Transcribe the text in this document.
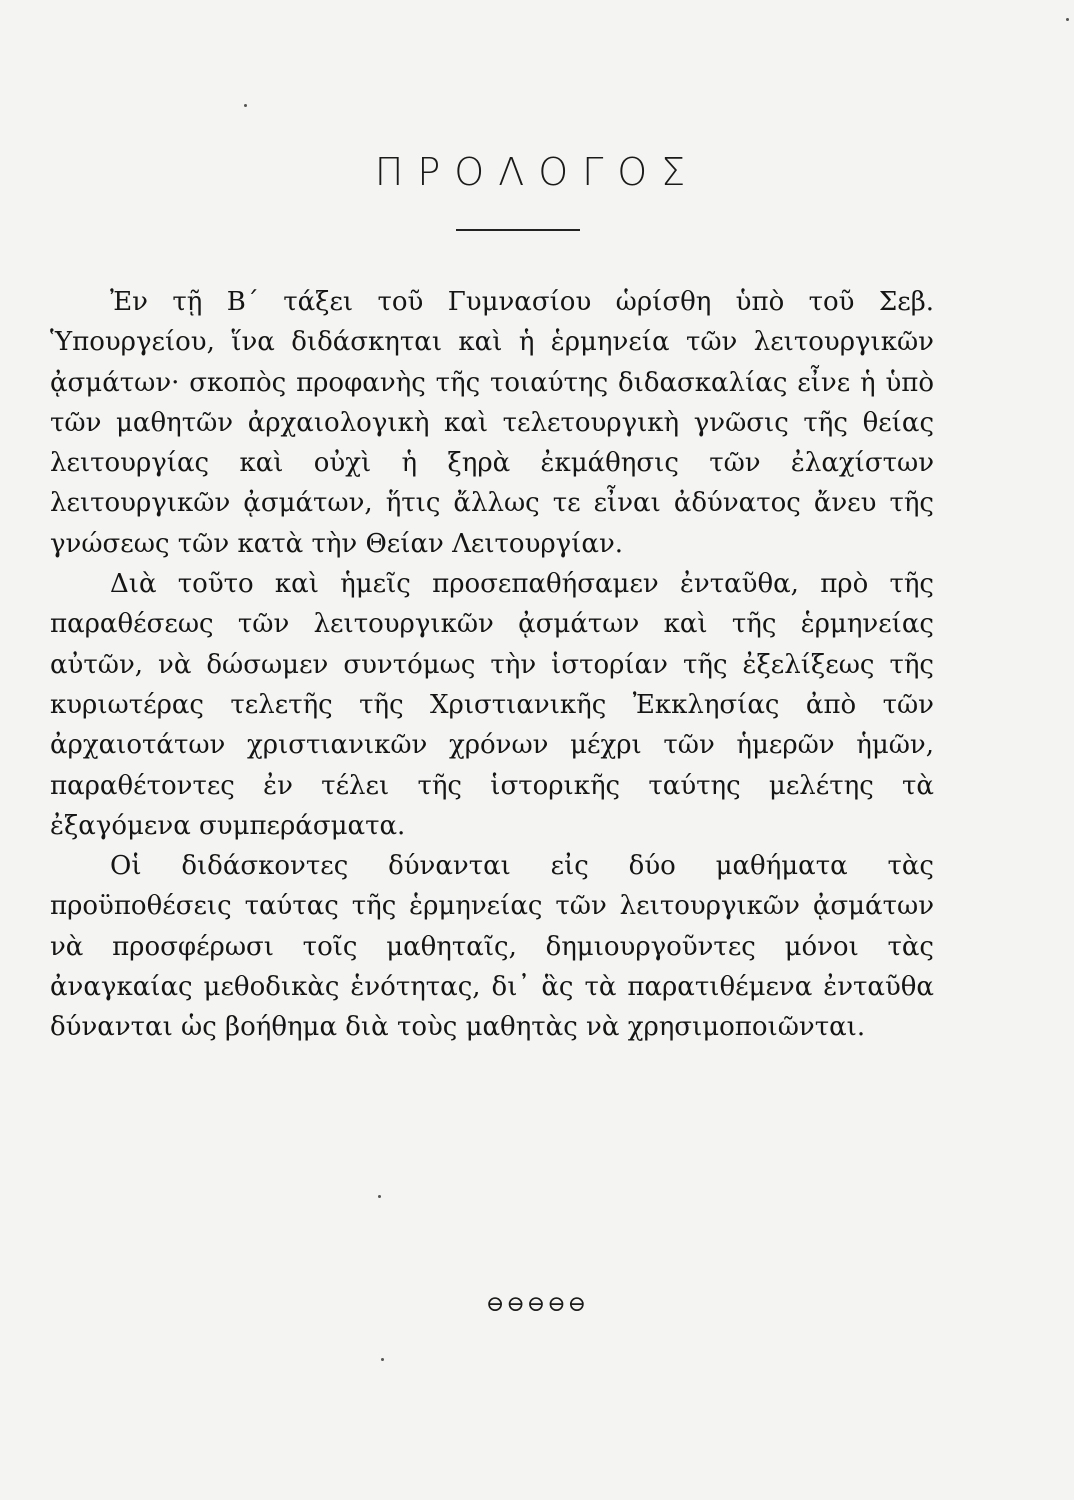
ΠΡΟΛΟΓΟΣ

Ἐν τῇ Β΄ τάξει τοῦ Γυμνασίου ὡρίσθη ὑπὸ τοῦ Σεβ. Ὑπουργείου, ἵνα διδάσκηται καὶ ἡ ἑρμηνεία τῶν λειτουργικῶν ᾀσμάτων· σκοπὸς προφανὴς τῆς τοιαύτης διδασκαλίας εἶνε ἡ ὑπὸ τῶν μαθητῶν ἀρχαιολογικὴ καὶ τελετουργικὴ γνῶσις τῆς θείας λειτουργίας καὶ οὐχὶ ἡ ξηρὰ ἐκμάθησις τῶν ἐλαχίστων λειτουργικῶν ᾀσμάτων, ἥτις ἄλλως τε εἶναι ἀδύνατος ἄνευ τῆς γνώσεως τῶν κατὰ τὴν Θείαν Λειτουργίαν.

Διὰ τοῦτο καὶ ἡμεῖς προσεπαθήσαμεν ἐνταῦθα, πρὸ τῆς παραθέσεως τῶν λειτουργικῶν ᾀσμάτων καὶ τῆς ἑρμηνείας αὐτῶν, νὰ δώσωμεν συντόμως τὴν ἱστορίαν τῆς ἐξελίξεως τῆς κυριωτέρας τελετῆς τῆς Χριστιανικῆς Ἐκκλησίας ἀπὸ τῶν ἀρχαιοτάτων χριστιανικῶν χρόνων μέχρι τῶν ἡμερῶν ἡμῶν, παραθέτοντες ἐν τέλει τῆς ἱστορικῆς ταύτης μελέτης τὰ ἐξαγόμενα συμπεράσματα.

Οἱ διδάσκοντες δύνανται εἰς δύο μαθήματα τὰς προϋποθέσεις ταύτας τῆς ἑρμηνείας τῶν λειτουργικῶν ᾀσμάτων νὰ προσφέρωσι τοῖς μαθηταῖς, δημιουργοῦντες μόνοι τὰς ἀναγκαίας μεθοδικὰς ἑνότητας, δι᾿ ἃς τὰ παρατιθέμενα ἐνταῦθα δύνανται ὡς βοήθημα διὰ τοὺς μαθητὰς νὰ χρησιμοποιῶνται.

⊖⊖⊖⊖⊖
